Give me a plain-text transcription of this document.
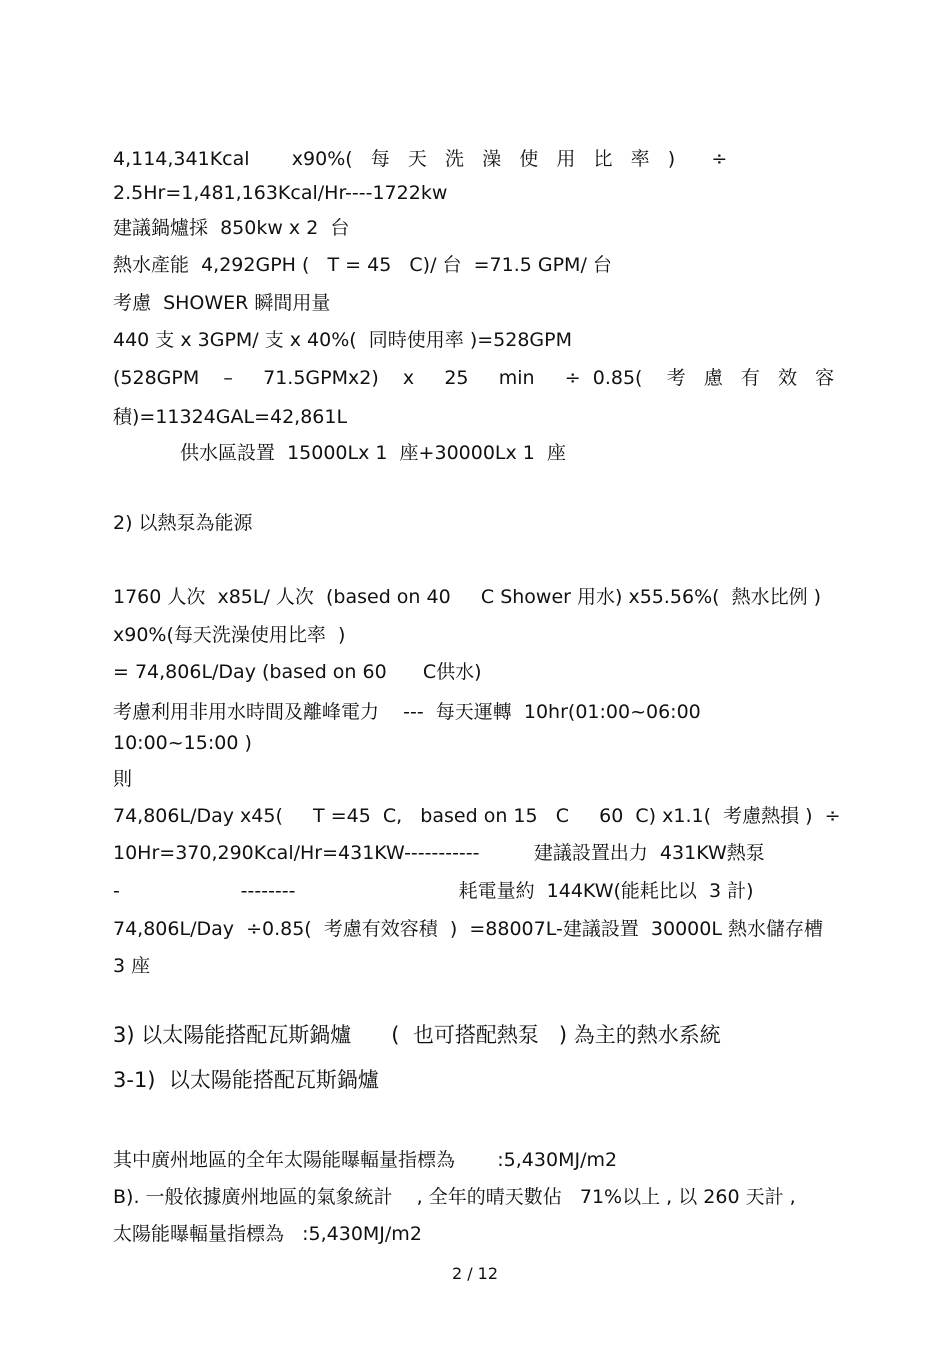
4,114,341Kcal       x90%(   每   天   洗   澡   使   用   比   率   )      ÷
2.5Hr=1,481,163Kcal/Hr----1722kw
建議鍋爐採  850kw x 2  台
熱水產能  4,292GPH (   T = 45   C)/ 台  =71.5 GPM/ 台
考慮  SHOWER 瞬間用量
440 支 x 3GPM/ 支 x 40%(  同時使用率 )=528GPM
(528GPM    –     71.5GPMx2)    x     25     min     ÷  0.85(    考   慮   有   效   容
積)=11324GAL=42,861L
供水區設置  15000Lx 1  座+30000Lx 1  座
2) 以熱泵為能源
1760 人次  x85L/ 人次  (based on 40     C Shower 用水) x55.56%(  熱水比例 )
x90%(每天洗澡使用比率  )
= 74,806L/Day (based on 60      C供水)
考慮利用非用水時間及離峰電力    ---  每天運轉  10hr(01:00~06:00
10:00~15:00 )
則
74,806L/Day x45(     T =45  C,   based on 15   C     60  C) x1.1(  考慮熱損 )  ÷
10Hr=370,290Kcal/Hr=431KW-----------         建議設置出力  431KW熱泵
-                    --------                           耗電量約  144KW(能耗比以  3 計)
74,806L/Day  ÷0.85(  考慮有效容積  )  =88007L-建議設置  30000L 熱水儲存槽
3 座
3) 以太陽能搭配瓦斯鍋爐      (  也可搭配熱泵   ) 為主的熱水系統
3-1)  以太陽能搭配瓦斯鍋爐
其中廣州地區的全年太陽能曝輻量指標為       :5,430MJ/m2
B). 一般依據廣州地區的氣象統計    , 全年的晴天數佔   71%以上 , 以 260 天計 ,
太陽能曝輻量指標為   :5,430MJ/m2
2 / 12
